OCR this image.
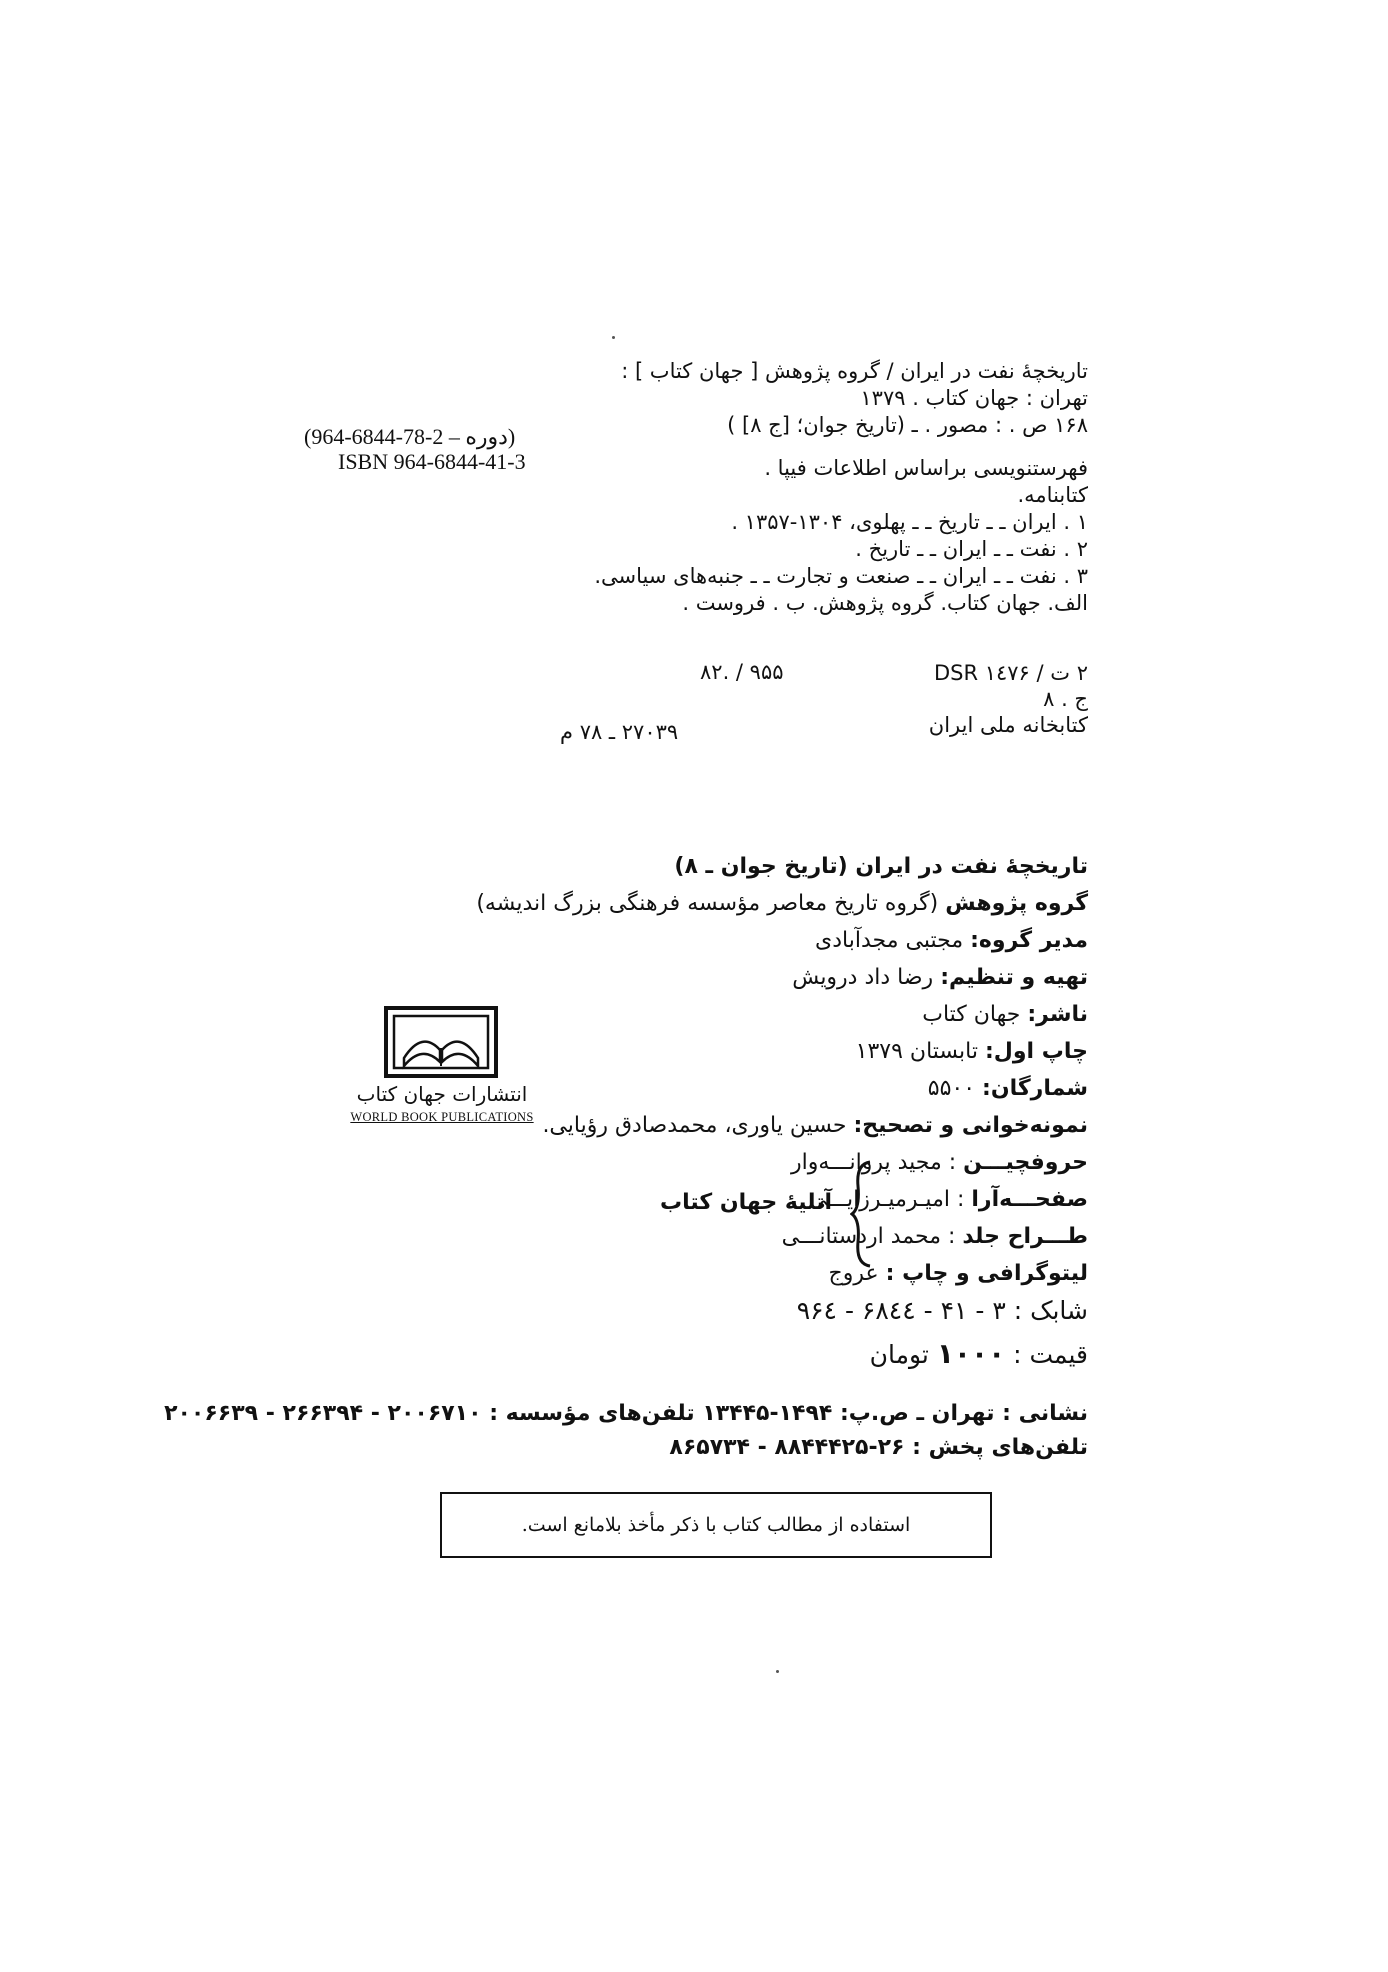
تاریخچهٔ نفت در ایران / گروه پژوهش [ جهان کتاب ] :
تهران : جهان کتاب . ۱۳۷۹
۱۶۸ ص . : مصور . ـ (تاریخ جوان؛ [ج ۸] )
فهرستنویسی براساس اطلاعات فیپا .
کتابنامه.
۱ . ایران ـ ـ تاریخ ـ ـ پهلوی، ۱۳۰۴-۱۳۵۷ .
۲ . نفت ـ ـ ایران ـ ـ تاریخ .
۳ . نفت ـ ـ ایران ـ ـ صنعت و تجارت ـ ـ جنبه‌های سیاسی.
الف. جهان کتاب. گروه پژوهش. ب . فروست .
(دوره – 2-78-6844-964)
ISBN 964-6844-41-3
۲ ت / DSR ۱٤٧۶
ج . ۸
کتابخانه ملی ایران
۹۵۵ / .۸۲
۲۷۰۳۹ ـ ۷۸ م
انتشارات جهان کتاب
WORLD BOOK PUBLICATIONS
تاریخچهٔ نفت در ایران (تاریخ جوان ـ ۸)
گروه پژوهش (گروه تاریخ معاصر مؤسسه فرهنگی بزرگ اندیشه)
مدیر گروه: مجتبی مجدآبادی
تهیه و تنظیم: رضا داد درویش
ناشر: جهان کتاب
چاپ اول: تابستان ۱۳۷۹
شمارگان: ۵۵۰۰
نمونه‌خوانی و تصحیح: حسین یاوری، محمدصادق رؤیایی.
حروفچیـــن : مجید پروانـــه‌وار
صفحـــه‌آرا : امیـرمیـرزایـــی
طـــراح جلد : محمد اردستانـــی
لیتوگرافی و چاپ : عروج
شابک : ۳ - ۴۱ - ۶۸٤٤ - ۹۶٤
قیمت : ۱۰۰۰ تومان
آتلیهٔ جهان کتاب
نشانی : تهران ـ ص.پ: ۱۴۹۴-۱۳۴۴۵ تلفن‌های مؤسسه : ۲۰۰۶۷۱۰ - ۲۶۶۳۹۴ - ۲۰۰۶۶۳۹
تلفن‌های پخش : ۲۶-۸۸۴۴۴۲۵ - ۸۶۵۷۳۴
استفاده از مطالب کتاب با ذکر مأخذ بلامانع است.
